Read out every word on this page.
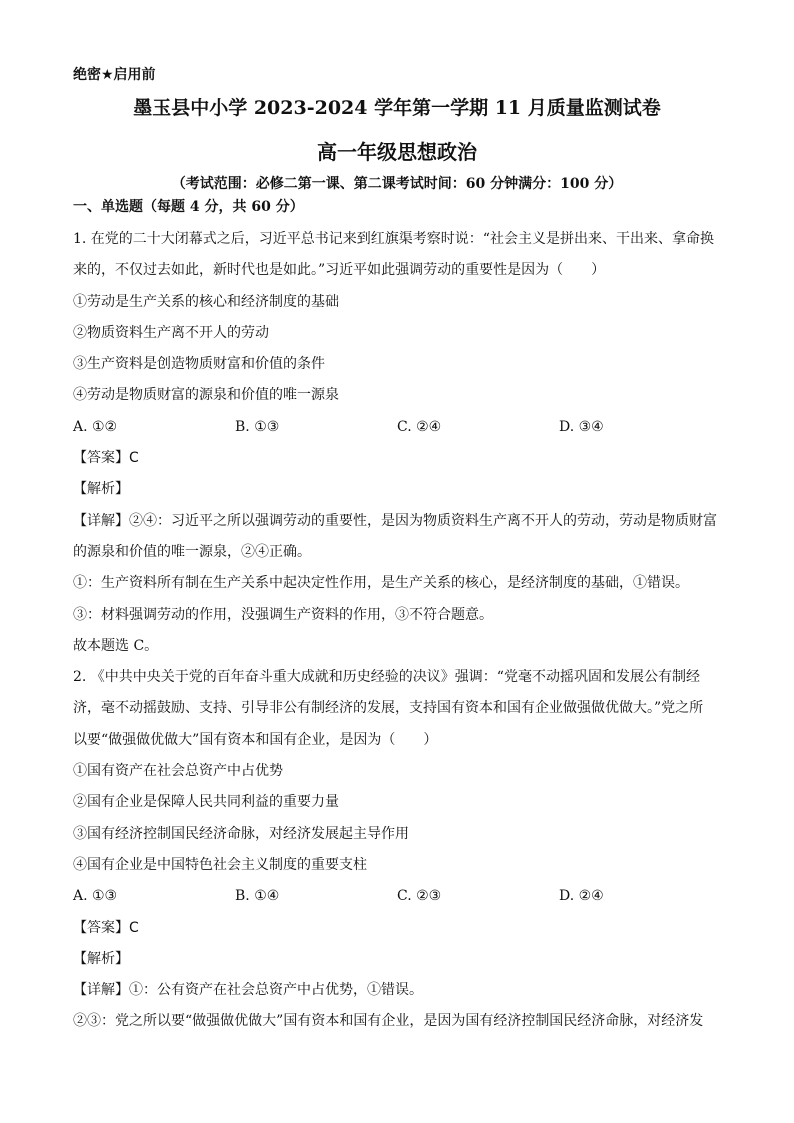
绝密★启用前
墨玉县中小学 2023-2024 学年第一学期 11 月质量监测试卷
高一年级思想政治
（考试范围：必修二第一课、第二课考试时间：60 分钟满分：100 分）
一、单选题（每题 4 分，共 60 分）
1. 在党的二十大闭幕式之后，习近平总书记来到红旗渠考察时说：“社会主义是拼出来、干出来、拿命换
来的，不仅过去如此，新时代也是如此。”习近平如此强调劳动的重要性是因为（　　）
①劳动是生产关系的核心和经济制度的基础
②物质资料生产离不开人的劳动
③生产资料是创造物质财富和价值的条件
④劳动是物质财富的源泉和价值的唯一源泉
A. ①②	B. ①③	C. ②④	D. ③④
【答案】C
【解析】
【详解】②④：习近平之所以强调劳动的重要性，是因为物质资料生产离不开人的劳动，劳动是物质财富
的源泉和价值的唯一源泉，②④正确。
①：生产资料所有制在生产关系中起决定性作用，是生产关系的核心，是经济制度的基础，①错误。
③：材料强调劳动的作用，没强调生产资料的作用，③不符合题意。
故本题选 C。
2. 《中共中央关于党的百年奋斗重大成就和历史经验的决议》强调：“党毫不动摇巩固和发展公有制经
济，毫不动摇鼓励、支持、引导非公有制经济的发展，支持国有资本和国有企业做强做优做大。”党之所
以要“做强做优做大”国有资本和国有企业，是因为（　　）
①国有资产在社会总资产中占优势
②国有企业是保障人民共同利益的重要力量
③国有经济控制国民经济命脉，对经济发展起主导作用
④国有企业是中国特色社会主义制度的重要支柱
A. ①③	B. ①④	C. ②③	D. ②④
【答案】C
【解析】
【详解】①：公有资产在社会总资产中占优势，①错误。
②③：党之所以要“做强做优做大”国有资本和国有企业，是因为国有经济控制国民经济命脉，对经济发
